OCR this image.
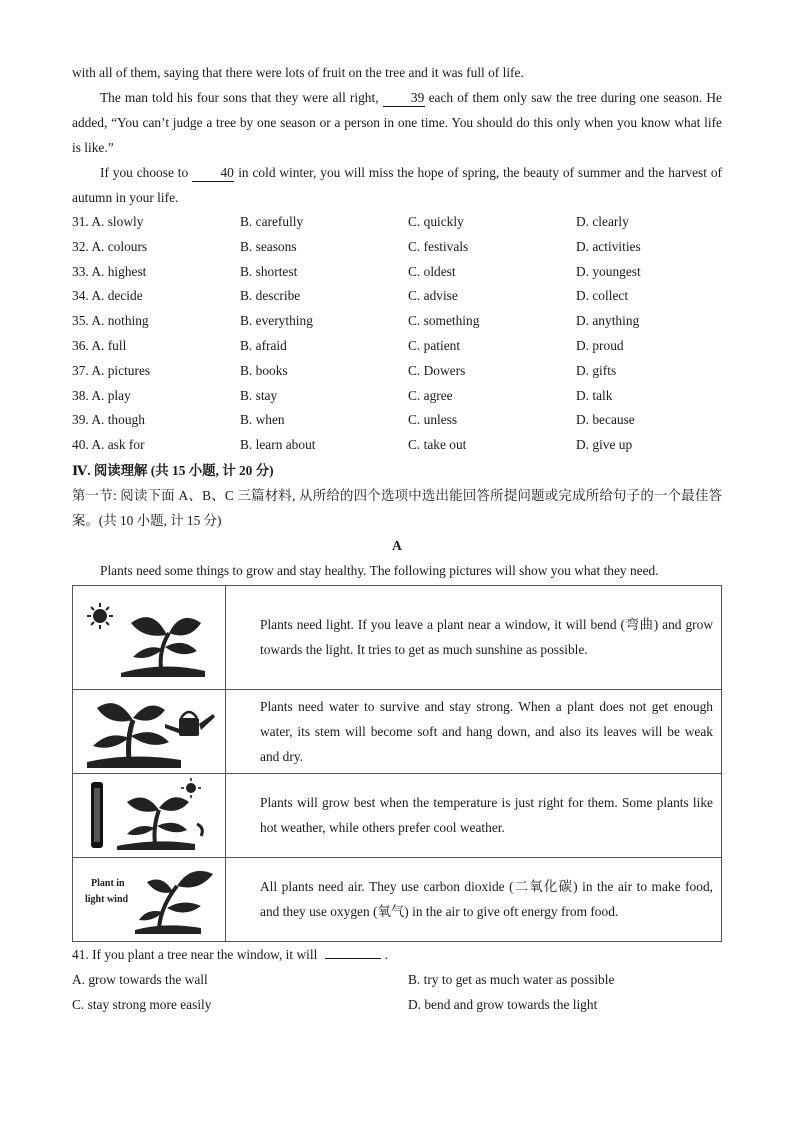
with all of them, saying that there were lots of fruit on the tree and it was full of life.

The man told his four sons that they were all right, 39 each of them only saw the tree during one season. He added, “You can’t judge a tree by one season or a person in one time. You should do this only when you know what life is like.”

If you choose to 40 in cold winter, you will miss the hope of spring, the beauty of summer and the harvest of autumn in your life.

31. A. slowly	B. carefully	C. quickly	D. clearly
32. A. colours	B. seasons	C. festivals	D. activities
33. A. highest	B. shortest	C. oldest	D. youngest
34. A. decide	B. describe	C. advise	D. collect
35. A. nothing	B. everything	C. something	D. anything
36. A. full	B. afraid	C. patient	D. proud
37. A. pictures	B. books	C. Dowers	D. gifts
38. A. play	B. stay	C. agree	D. talk
39. A. though	B. when	C. unless	D. because
40. A. ask for	B. learn about	C. take out	D. give up
Ⅳ. 阅读理解 (共 15 小题, 计 20 分)

第一节: 阅读下面 A、B、C 三篇材料, 从所给的四个选项中选出能回答所提问题或完成所给句子的一个最佳答案。(共 10 小题, 计 15 分)

A

Plants need some things to grow and stay healthy. The following pictures will show you what they need.

Plants need light. If you leave a plant near a window, it will bend (弯曲) and grow towards the light. It tries to get as much sunshine as possible.

Plants need water to survive and stay strong. When a plant does not get enough water, its stem will become soft and hang down, and also its leaves will be weak and dry.

Plants will grow best when the temperature is just right for them. Some plants like hot weather, while others prefer cool weather.

Plant in
light wind	All plants need air. They use carbon dioxide (二氧化碳) in the air to make food, and they use oxygen (氧气) in the air to give oft energy from food.

41. If you plant a tree near the window, it will	.

A. grow towards the wall	B. try to get as much water as possible
C. stay strong more easily	D. bend and grow towards the light
